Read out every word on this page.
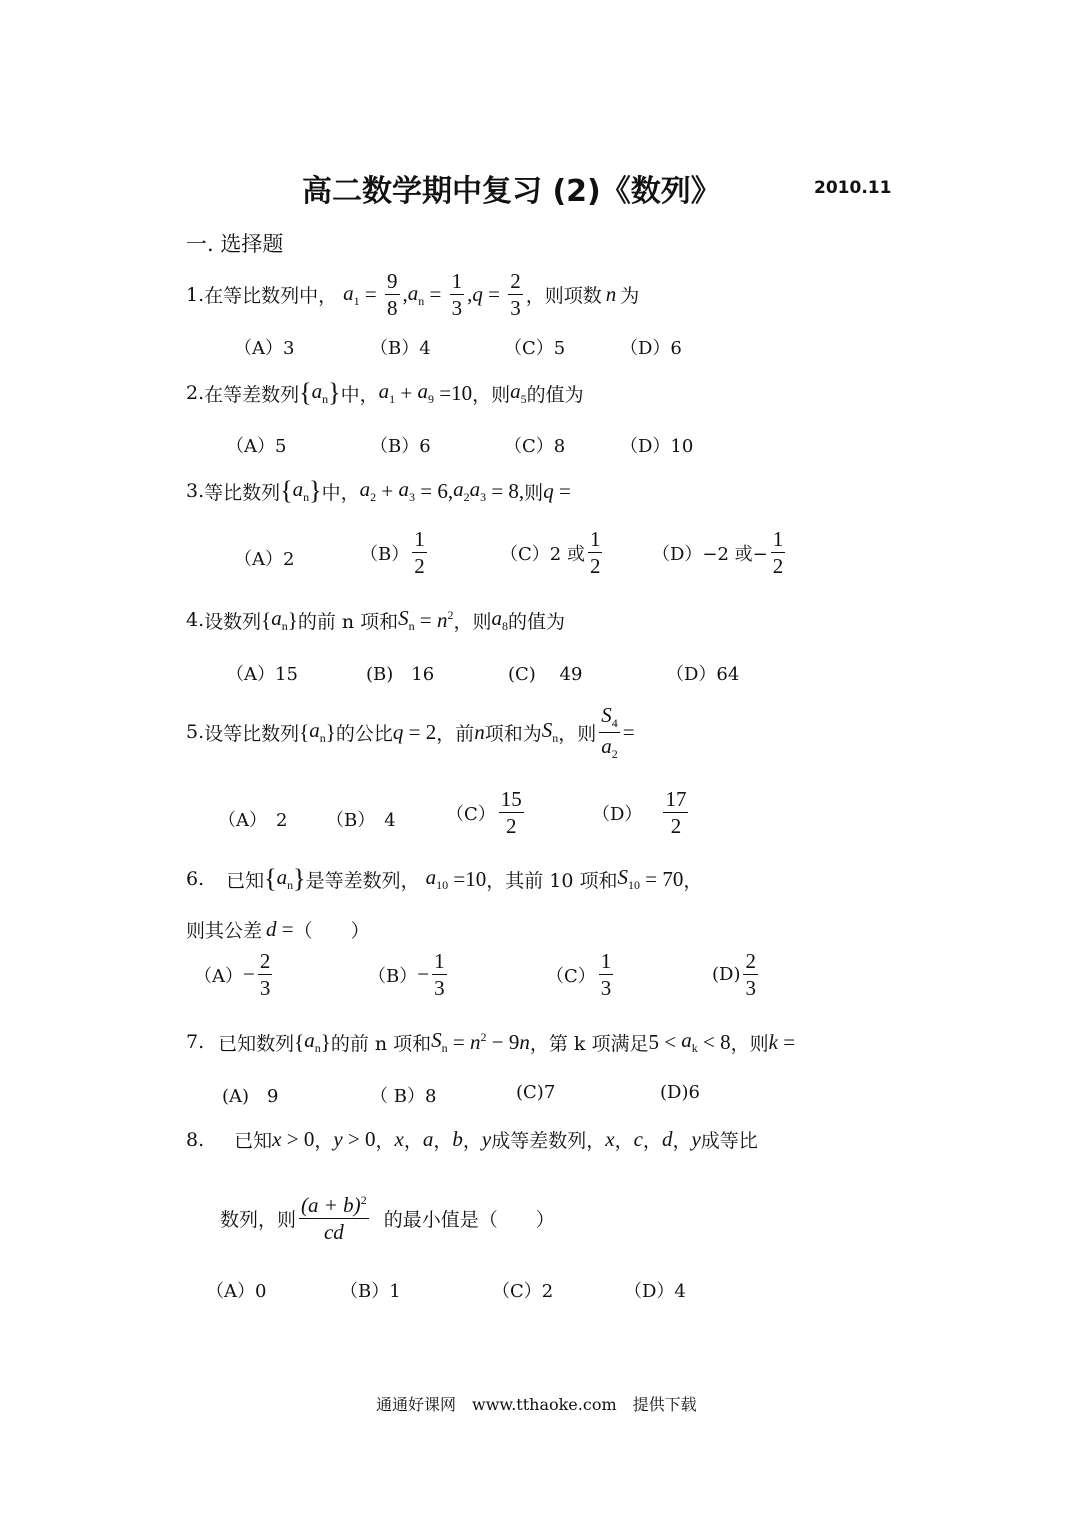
高二数学期中复习 (2)《数列》	2010.11
一. 选择题
1. 在等比数列中， $a_1 = \frac{9}{8}$ , $a_n = \frac{1}{3}$ , $q = \frac{2}{3}$ ，则项数 n 为
（A）3	（B）4	（C）5	（D）6
2. 在等差数列 { $a_n$ } 中， $a_1 + a_9 =10$ ，则 $a_5$ 的值为
（A）5	（B）6	（C）8	（D）10
3. 等比数列 { $a_n$ } 中， $a_2 + a_3 = 6$, $a_2a_3 = 8$, 则 q =
（A）2	$(B) \frac{1}{2}$	（C）2 或 $\frac{1}{2}$	（D）−2 或− $\frac{1}{2}$
4. 设数列 { $a_n$ } 的前 n 项和 $S_n = n^2$ ，则 $a_8$ 的值为
（A）15	(B)　16	(C)　 49	（D）64
5. 设等比数列 { $a_n$ } 的公比 q = 2 ，前 n 项和为 $S_n$ ，则 $\frac{S_4}{a_2}$ =
（A）　2 （B）　4	$(C) \frac{15}{2}$	$(D) \frac{17}{2}$
6. 已知 { $a_n$ } 是等差数列， $a_{10} =10$ ，其前 10 项和 $S_{10} = 70$ ，
则其公差 d = （　　）
$(A) - \frac{2}{3}$	$(B) - \frac{1}{3}$	$(C) \frac{1}{3}$	$(D) \frac{2}{3}$
7. 已知数列 { $a_n$ } 的前 n 项和 $S_n = n^2 - 9$ n ，第 k 项满足 $5 < a_k < 8$ ，则 k =
(A)　9	（ B）8	(C)7	(D)6
8. 已知 x > 0 ， y > 0 ， x ， a ， b ， y 成等差数列， x ， c ， d ， y 成等比
数列，则 $\frac{(a + b)^2}{cd}$ 的最小值是（　　）
（A）0	（B）1	（C）2	（D）4
通通好课网　www.tthaoke.com　提供下载
